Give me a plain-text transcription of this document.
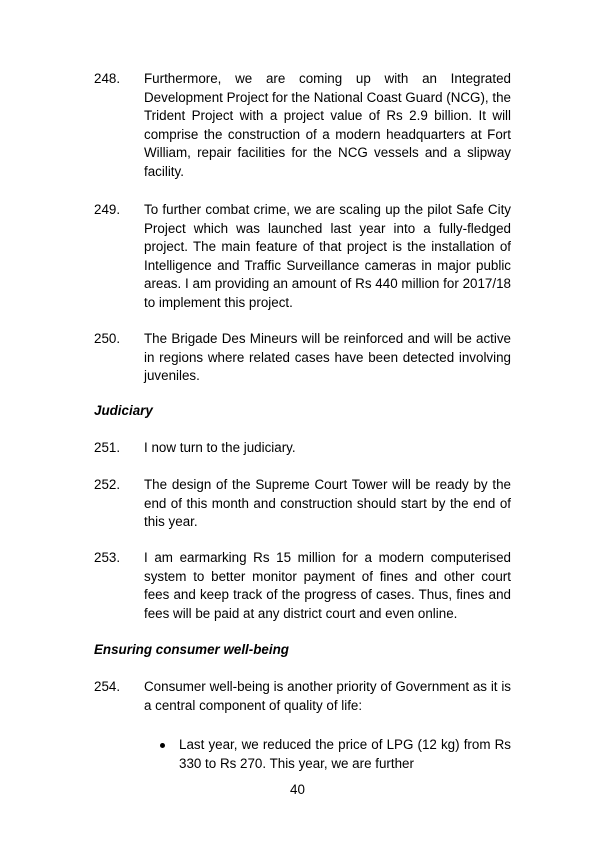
248. Furthermore, we are coming up with an Integrated Development Project for the National Coast Guard (NCG), the Trident Project with a project value of Rs 2.9 billion. It will comprise the construction of a modern headquarters at Fort William, repair facilities for the NCG vessels and a slipway facility.
249. To further combat crime, we are scaling up the pilot Safe City Project which was launched last year into a fully-fledged project. The main feature of that project is the installation of Intelligence and Traffic Surveillance cameras in major public areas. I am providing an amount of Rs 440 million for 2017/18 to implement this project.
250. The Brigade Des Mineurs will be reinforced and will be active in regions where related cases have been detected involving juveniles.
Judiciary
251. I now turn to the judiciary.
252. The design of the Supreme Court Tower will be ready by the end of this month and construction should start by the end of this year.
253. I am earmarking Rs 15 million for a modern computerised system to better monitor payment of fines and other court fees and keep track of the progress of cases. Thus, fines and fees will be paid at any district court and even online.
Ensuring consumer well-being
254. Consumer well-being is another priority of Government as it is a central component of quality of life:
Last year, we reduced the price of LPG (12 kg) from Rs 330 to Rs 270. This year, we are further
40
